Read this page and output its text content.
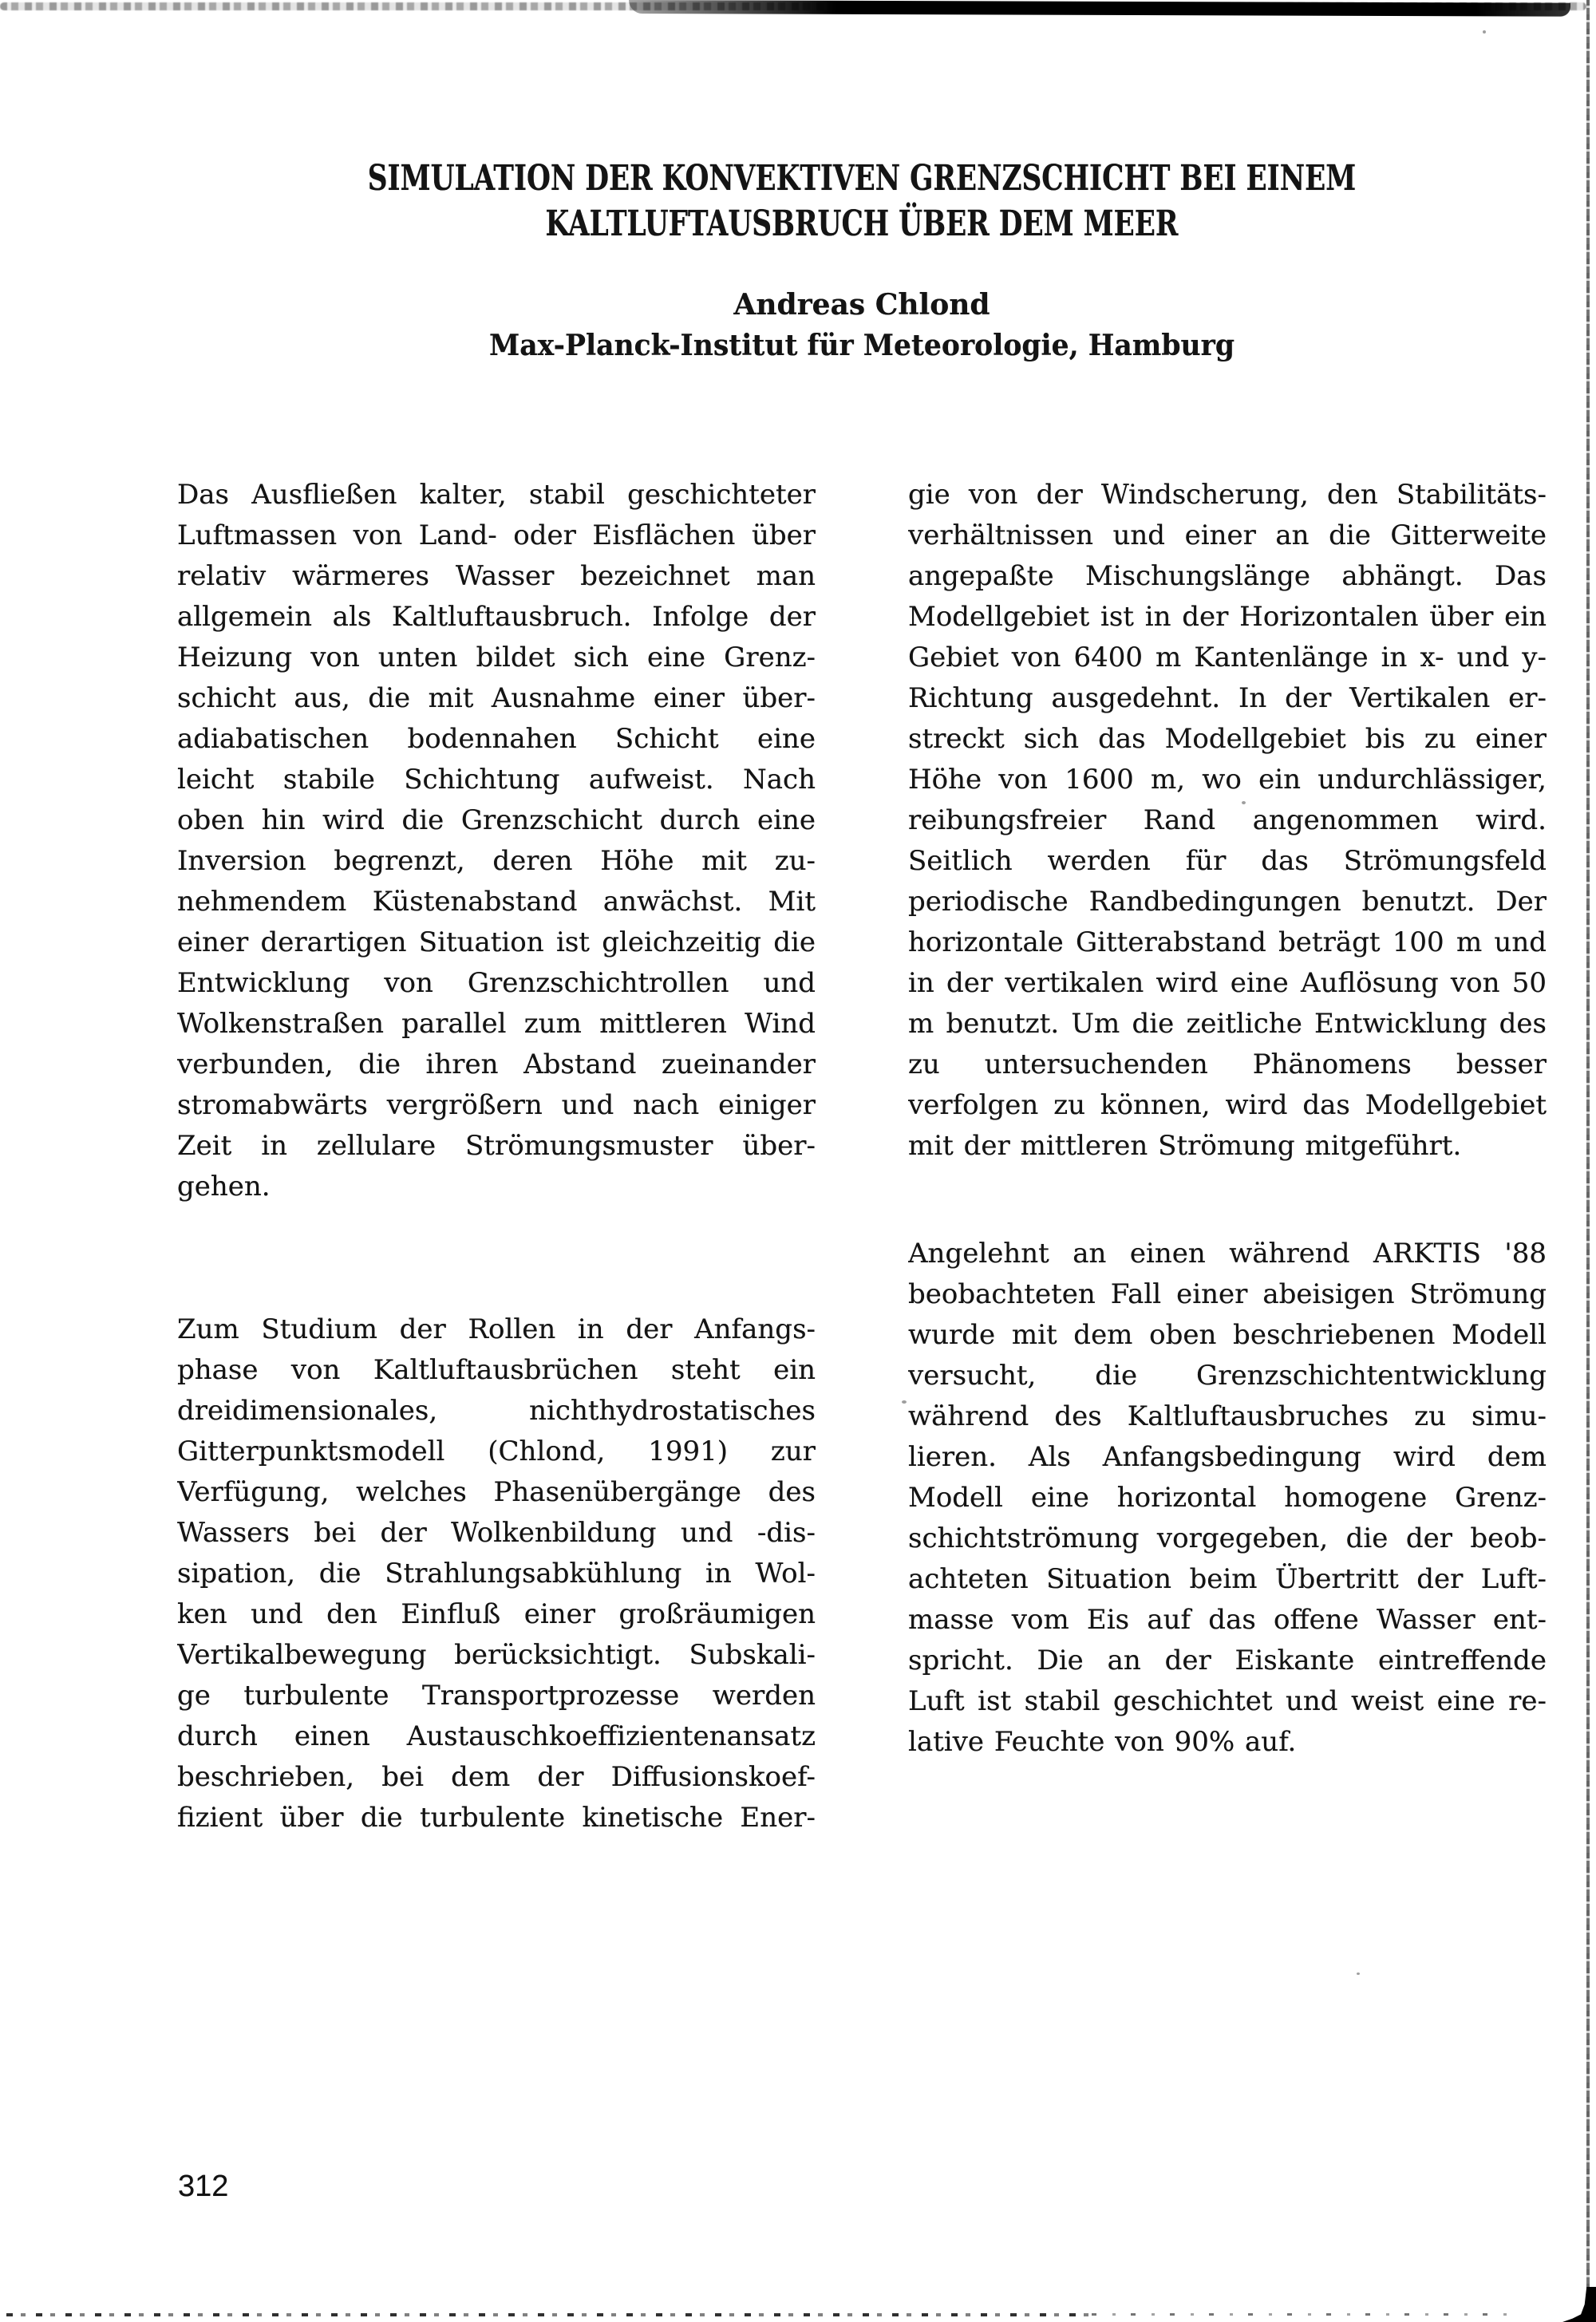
SIMULATION DER KONVEKTIVEN GRENZSCHICHT BEI EINEM
KALTLUFTAUSBRUCH ÜBER DEM MEER
Andreas Chlond
Max-Planck-Institut für Meteorologie, Hamburg
Das Ausfließen kalter, stabil geschichteter
Luftmassen von Land- oder Eisflächen über
relativ wärmeres Wasser bezeichnet man
allgemein als Kaltluftausbruch. Infolge der
Heizung von unten bildet sich eine Grenz-
schicht aus, die mit Ausnahme einer über-
adiabatischen bodennahen Schicht eine
leicht stabile Schichtung aufweist. Nach
oben hin wird die Grenzschicht durch eine
Inversion begrenzt, deren Höhe mit zu-
nehmendem Küstenabstand anwächst. Mit
einer derartigen Situation ist gleichzeitig die
Entwicklung von Grenzschichtrollen und
Wolkenstraßen parallel zum mittleren Wind
verbunden, die ihren Abstand zueinander
stromabwärts vergrößern und nach einiger
Zeit in zellulare Strömungsmuster über-
gehen.
Zum Studium der Rollen in der Anfangs-
phase von Kaltluftausbrüchen steht ein
dreidimensionales, nichthydrostatisches
Gitterpunktsmodell (Chlond, 1991) zur
Verfügung, welches Phasenübergänge des
Wassers bei der Wolkenbildung und -dis-
sipation, die Strahlungsabkühlung in Wol-
ken und den Einfluß einer großräumigen
Vertikalbewegung berücksichtigt. Subskali-
ge turbulente Transportprozesse werden
durch einen Austauschkoeffizientenansatz
beschrieben, bei dem der Diffusionskoef-
fizient über die turbulente kinetische Ener-
gie von der Windscherung, den Stabilitäts-
verhältnissen und einer an die Gitterweite
angepaßte Mischungslänge abhängt. Das
Modellgebiet ist in der Horizontalen über ein
Gebiet von 6400 m Kantenlänge in x- und y-
Richtung ausgedehnt. In der Vertikalen er-
streckt sich das Modellgebiet bis zu einer
Höhe von 1600 m, wo ein undurchlässiger,
reibungsfreier Rand angenommen wird.
Seitlich werden für das Strömungsfeld
periodische Randbedingungen benutzt. Der
horizontale Gitterabstand beträgt 100 m und
in der vertikalen wird eine Auflösung von 50
m benutzt. Um die zeitliche Entwicklung des
zu untersuchenden Phänomens besser
verfolgen zu können, wird das Modellgebiet
mit der mittleren Strömung mitgeführt.
Angelehnt an einen während ARKTIS '88
beobachteten Fall einer abeisigen Strömung
wurde mit dem oben beschriebenen Modell
versucht, die Grenzschichtentwicklung
während des Kaltluftausbruches zu simu-
lieren. Als Anfangsbedingung wird dem
Modell eine horizontal homogene Grenz-
schichtströmung vorgegeben, die der beob-
achteten Situation beim Übertritt der Luft-
masse vom Eis auf das offene Wasser ent-
spricht. Die an der Eiskante eintreffende
Luft ist stabil geschichtet und weist eine re-
lative Feuchte von 90% auf.
312
